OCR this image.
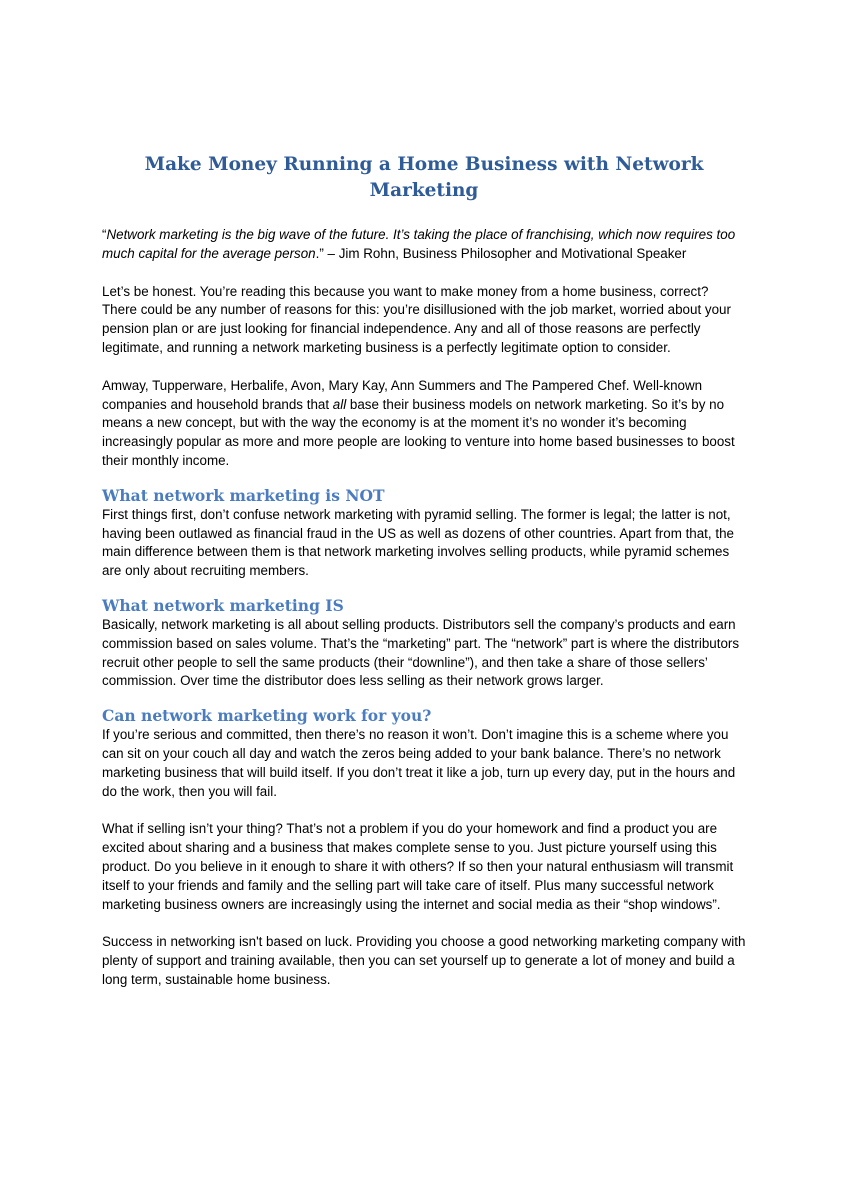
Make Money Running a Home Business with Network Marketing

“Network marketing is the big wave of the future. It’s taking the place of franchising, which now requires too much capital for the average person.” – Jim Rohn, Business Philosopher and Motivational Speaker

Let’s be honest. You’re reading this because you want to make money from a home business, correct? There could be any number of reasons for this: you’re disillusioned with the job market, worried about your pension plan or are just looking for financial independence. Any and all of those reasons are perfectly legitimate, and running a network marketing business is a perfectly legitimate option to consider.

Amway, Tupperware, Herbalife, Avon, Mary Kay, Ann Summers and The Pampered Chef. Well-known companies and household brands that all base their business models on network marketing. So it’s by no means a new concept, but with the way the economy is at the moment it’s no wonder it’s becoming increasingly popular as more and more people are looking to venture into home based businesses to boost their monthly income.

What network marketing is NOT

First things first, don’t confuse network marketing with pyramid selling. The former is legal; the latter is not, having been outlawed as financial fraud in the US as well as dozens of other countries. Apart from that, the main difference between them is that network marketing involves selling products, while pyramid schemes are only about recruiting members.

What network marketing IS

Basically, network marketing is all about selling products. Distributors sell the company’s products and earn commission based on sales volume. That’s the “marketing” part. The “network” part is where the distributors recruit other people to sell the same products (their “downline”), and then take a share of those sellers’ commission. Over time the distributor does less selling as their network grows larger.

Can network marketing work for you?

If you’re serious and committed, then there’s no reason it won’t. Don’t imagine this is a scheme where you can sit on your couch all day and watch the zeros being added to your bank balance. There’s no network marketing business that will build itself. If you don’t treat it like a job, turn up every day, put in the hours and do the work, then you will fail.

What if selling isn’t your thing? That’s not a problem if you do your homework and find a product you are excited about sharing and a business that makes complete sense to you. Just picture yourself using this product. Do you believe in it enough to share it with others? If so then your natural enthusiasm will transmit itself to your friends and family and the selling part will take care of itself. Plus many successful network marketing business owners are increasingly using the internet and social media as their “shop windows”.

Success in networking isn't based on luck. Providing you choose a good networking marketing company with plenty of support and training available, then you can set yourself up to generate a lot of money and build a long term, sustainable home business.
